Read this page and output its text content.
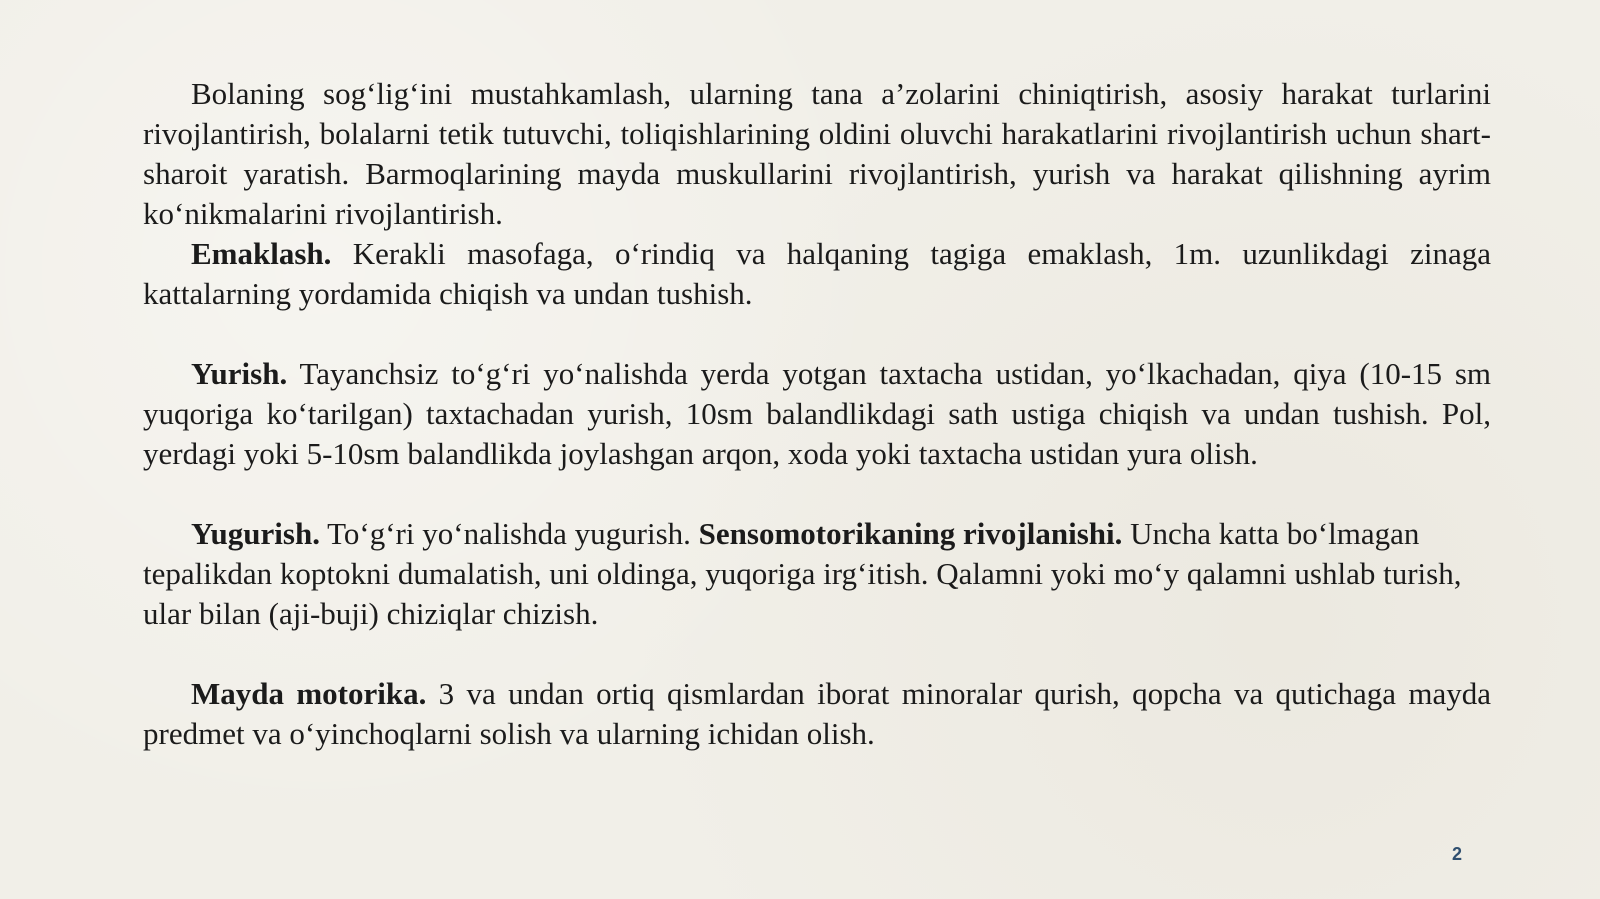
Bolaning sog‘lig‘ini mustahkamlash, ularning tana a’zolarini chiniqtirish, asosiy harakat turlarini rivojlantirish, bolalarni tetik tutuvchi, toliqishlarining oldini oluvchi harakatlarini rivojlantirish uchun shart-sharoit yaratish. Barmoqlarining mayda muskullarini rivojlantirish, yurish va harakat qilishning ayrim ko‘nikmalarini rivojlantirish.

Emaklash. Kerakli masofaga, o‘rindiq va halqaning tagiga emaklash, 1m. uzunlikdagi zinaga kattalarning yordamida chiqish va undan tushish.

Yurish. Tayanchsiz to‘g‘ri yo‘nalishda yerda yotgan taxtacha ustidan, yo‘lkachadan, qiya (10-15 sm yuqoriga ko‘tarilgan) taxtachadan yurish, 10sm balandlikdagi sath ustiga chiqish va undan tushish. Pol, yerdagi yoki 5-10sm balandlikda joylashgan arqon, xoda yoki taxtacha ustidan yura olish.

Yugurish. To‘g‘ri yo‘nalishda yugurish. Sensomotorikaning rivojlanishi. Uncha katta bo‘lmagan tepalikdan koptokni dumalatish, uni oldinga, yuqoriga irg‘itish. Qalamni yoki mo‘y qalamni ushlab turish, ular bilan (aji-buji) chiziqlar chizish.

Mayda motorika. 3 va undan ortiq qismlardan iborat minoralar qurish, qopcha va qutichaga mayda predmet va o‘yinchoqlarni solish va ularning ichidan olish.

2
